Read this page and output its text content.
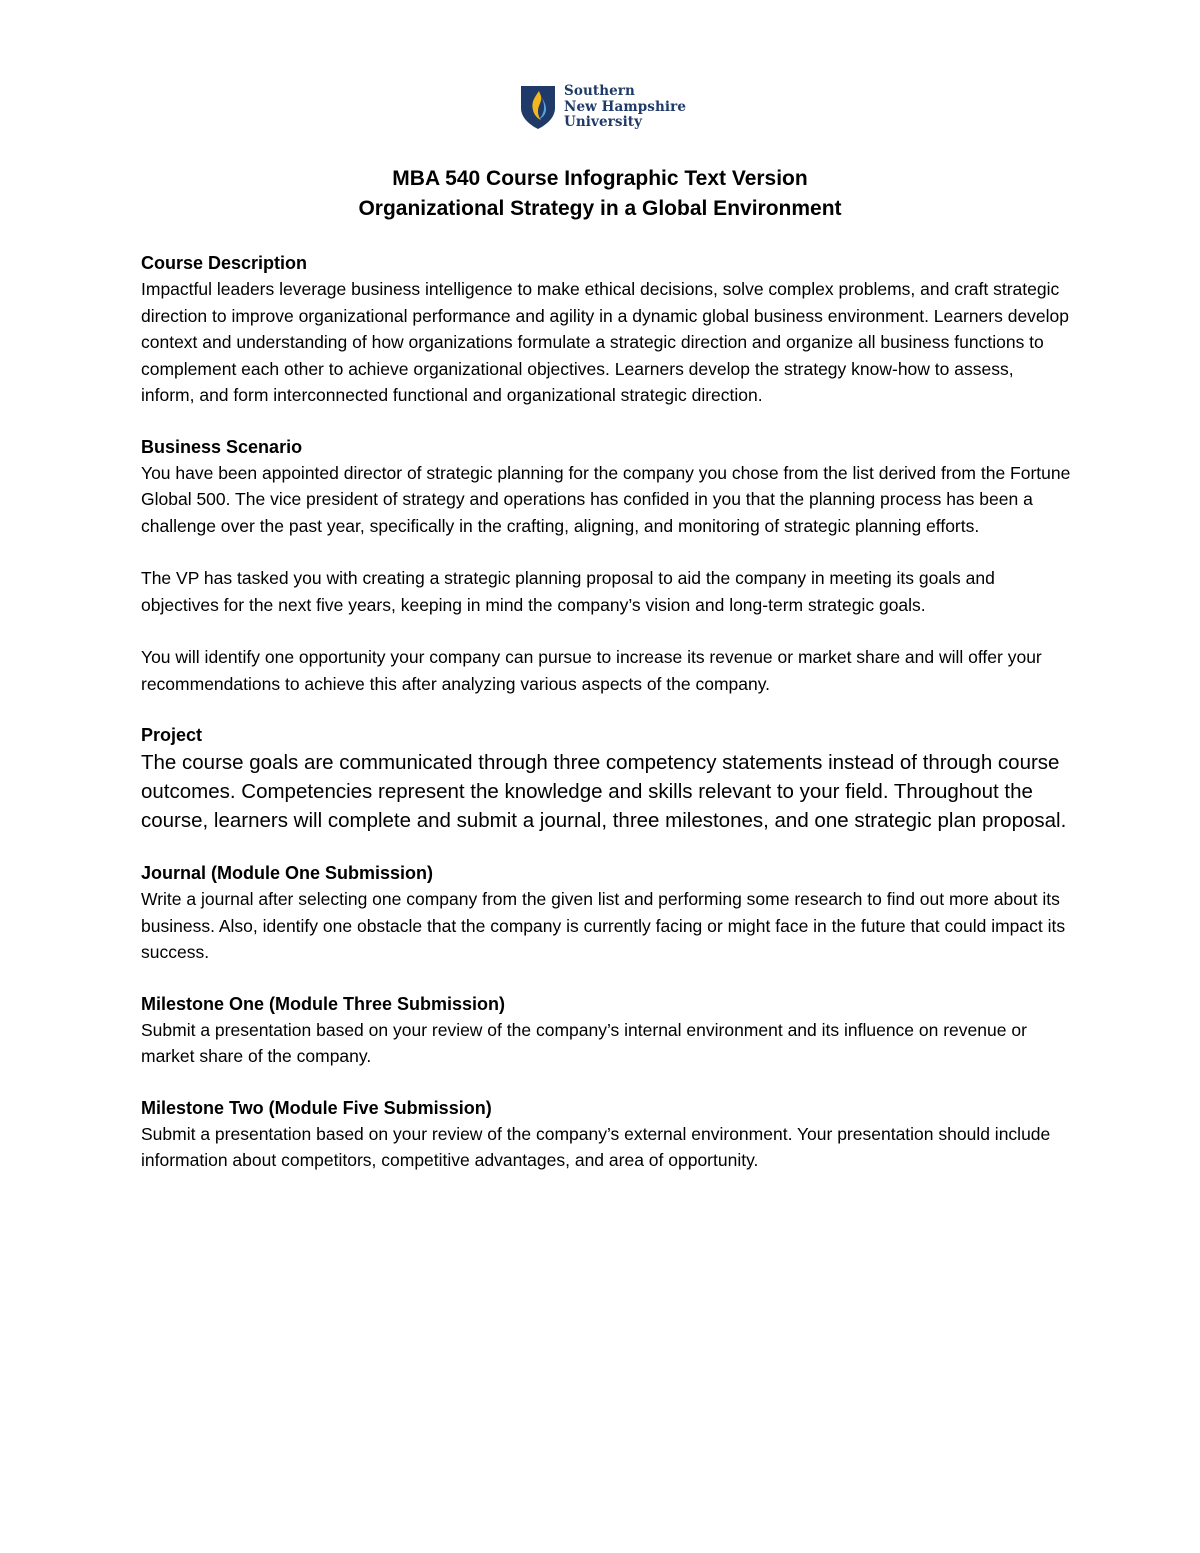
Southern
New Hampshire
University
MBA 540 Course Infographic Text Version
Organizational Strategy in a Global Environment

Course Description

Impactful leaders leverage business intelligence to make ethical decisions, solve complex problems, and craft strategic direction to improve organizational performance and agility in a dynamic global business environment. Learners develop context and understanding of how organizations formulate a strategic direction and organize all business functions to complement each other to achieve organizational objectives. Learners develop the strategy know-how to assess, inform, and form interconnected functional and organizational strategic direction.

Business Scenario

You have been appointed director of strategic planning for the company you chose from the list derived from the Fortune Global 500. The vice president of strategy and operations has confided in you that the planning process has been a challenge over the past year, specifically in the crafting, aligning, and monitoring of strategic planning efforts.

The VP has tasked you with creating a strategic planning proposal to aid the company in meeting its goals and objectives for the next five years, keeping in mind the company’s vision and long-term strategic goals.

You will identify one opportunity your company can pursue to increase its revenue or market share and will offer your recommendations to achieve this after analyzing various aspects of the company.

Project

The course goals are communicated through three competency statements instead of through course outcomes. Competencies represent the knowledge and skills relevant to your field. Throughout the course, learners will complete and submit a journal, three milestones, and one strategic plan proposal.

Journal (Module One Submission)

Write a journal after selecting one company from the given list and performing some research to find out more about its business. Also, identify one obstacle that the company is currently facing or might face in the future that could impact its success.

Milestone One (Module Three Submission)

Submit a presentation based on your review of the company’s internal environment and its influence on revenue or market share of the company.

Milestone Two (Module Five Submission)

Submit a presentation based on your review of the company’s external environment. Your presentation should include information about competitors, competitive advantages, and area of opportunity.
